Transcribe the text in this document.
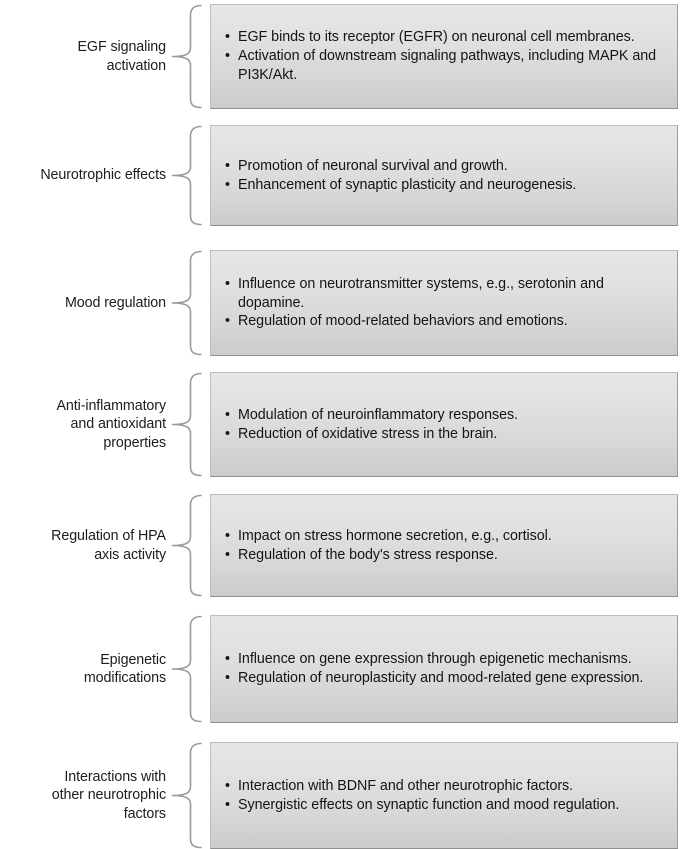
EGF signaling
activation
• EGF binds to its receptor (EGFR) on neuronal cell membranes.
• Activation of downstream signaling pathways, including MAPK and PI3K/Akt.
Neurotrophic effects
• Promotion of neuronal survival and growth.
• Enhancement of synaptic plasticity and neurogenesis.
Mood regulation
• Influence on neurotransmitter systems, e.g., serotonin and dopamine.
• Regulation of mood-related behaviors and emotions.
Anti-inflammatory
and antioxidant
properties
• Modulation of neuroinflammatory responses.
• Reduction of oxidative stress in the brain.
Regulation of HPA
axis activity
• Impact on stress hormone secretion, e.g., cortisol.
• Regulation of the body's stress response.
Epigenetic
modifications
• Influence on gene expression through epigenetic mechanisms.
• Regulation of neuroplasticity and mood-related gene expression.
Interactions with
other neurotrophic
factors
• Interaction with BDNF and other neurotrophic factors.
• Synergistic effects on synaptic function and mood regulation.
